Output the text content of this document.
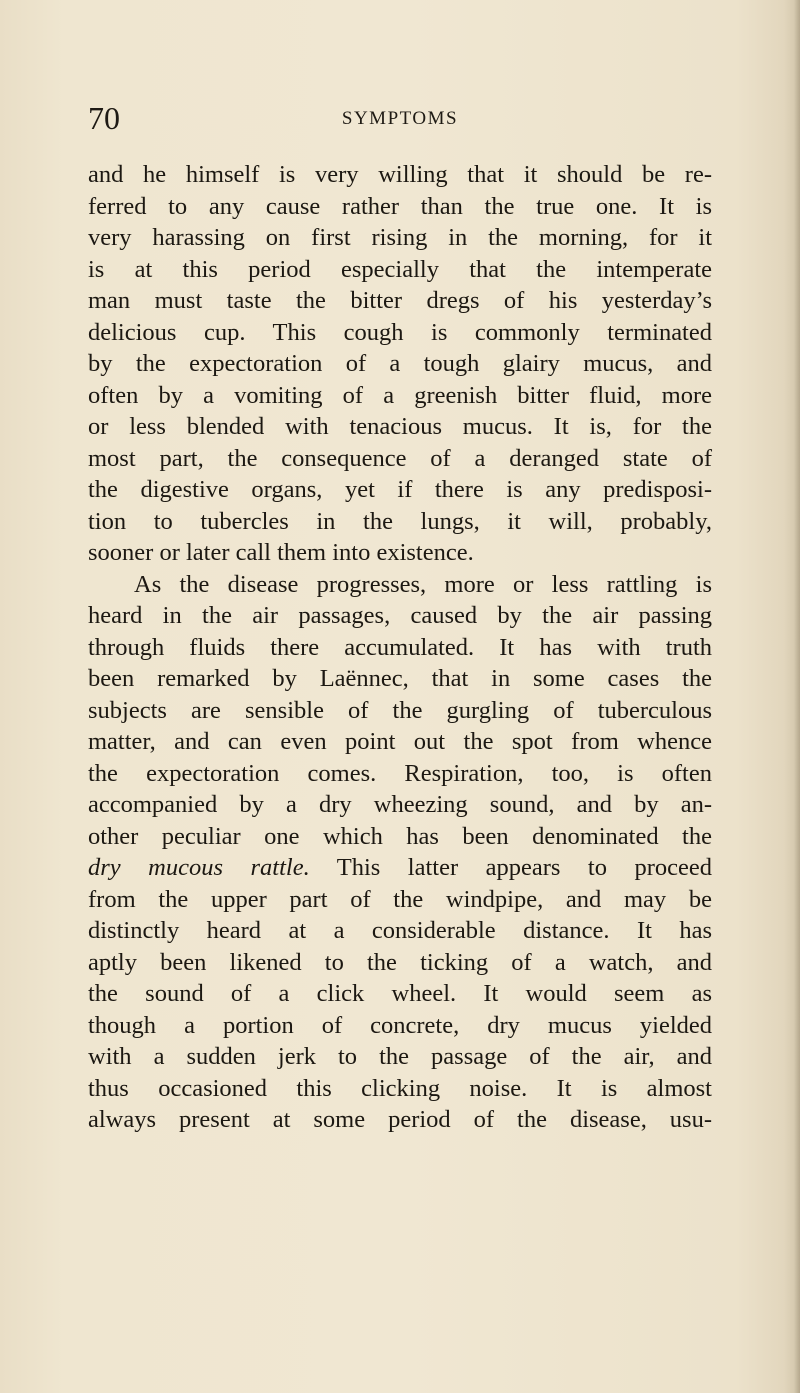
70	SYMPTOMS
and he himself is very willing that it should be re-
ferred to any cause rather than the true one. It is
very harassing on first rising in the morning, for it
is at this period especially that the intemperate
man must taste the bitter dregs of his yesterday’s
delicious cup. This cough is commonly terminated
by the expectoration of a tough glairy mucus, and
often by a vomiting of a greenish bitter fluid, more
or less blended with tenacious mucus. It is, for the
most part, the consequence of a deranged state of
the digestive organs, yet if there is any predisposi-
tion to tubercles in the lungs, it will, probably,
sooner or later call them into existence.
As the disease progresses, more or less rattling is
heard in the air passages, caused by the air passing
through fluids there accumulated. It has with truth
been remarked by Laënnec, that in some cases the
subjects are sensible of the gurgling of tuberculous
matter, and can even point out the spot from whence
the expectoration comes. Respiration, too, is often
accompanied by a dry wheezing sound, and by an-
other peculiar one which has been denominated the
dry mucous rattle. This latter appears to proceed
from the upper part of the windpipe, and may be
distinctly heard at a considerable distance. It has
aptly been likened to the ticking of a watch, and
the sound of a click wheel. It would seem as
though a portion of concrete, dry mucus yielded
with a sudden jerk to the passage of the air, and
thus occasioned this clicking noise. It is almost
always present at some period of the disease, usu-
